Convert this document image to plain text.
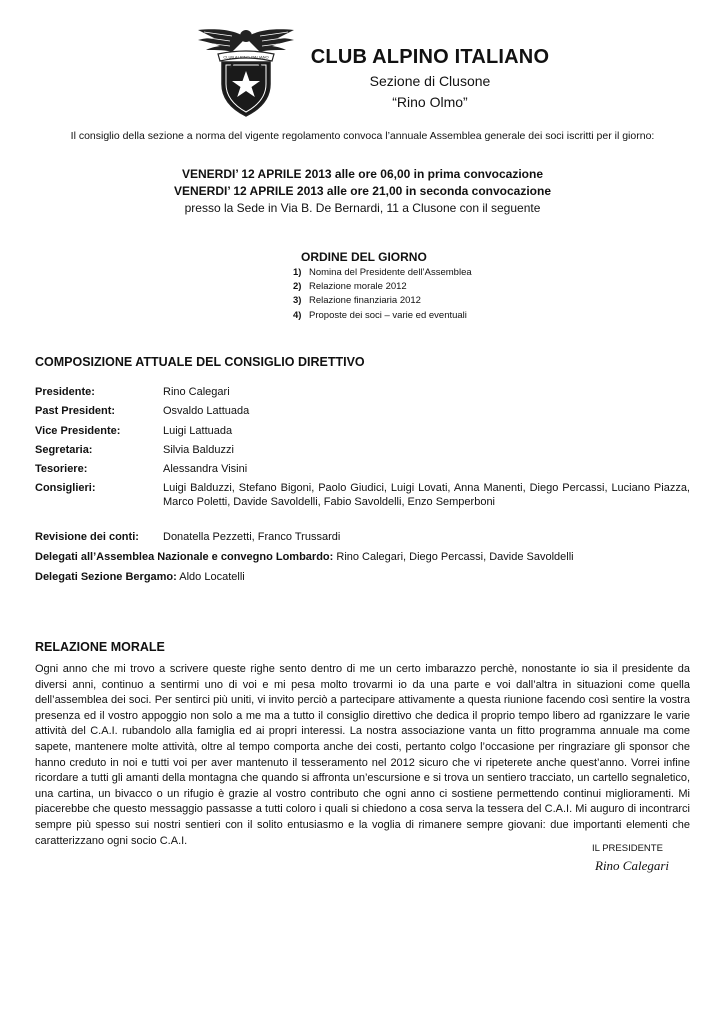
CLUB ALPINO ITALIANO	CLUB ALPINO ITALIANO
Sezione di Clusone
“Rino Olmo”
Il consiglio della sezione a norma del vigente regolamento convoca l’annuale Assemblea generale dei soci iscritti per il giorno:
VENERDI’ 12 APRILE 2013 alle ore 06,00 in prima convocazione
VENERDI’ 12 APRILE 2013 alle ore 21,00 in seconda convocazione
presso la Sede in Via B. De Bernardi, 11 a Clusone con il seguente
ORDINE DEL GIORNO
1) Nomina del Presidente dell’Assemblea
2) Relazione morale 2012
3) Relazione finanziaria 2012
4) Proposte dei soci – varie ed eventuali
COMPOSIZIONE ATTUALE DEL CONSIGLIO DIRETTIVO
Presidente:	Rino Calegari
Past President:	Osvaldo Lattuada
Vice Presidente:	Luigi Lattuada
Segretaria:	Silvia Balduzzi
Tesoriere:	Alessandra Visini
Consiglieri:	Luigi Balduzzi, Stefano Bigoni, Paolo Giudici, Luigi Lovati, Anna Manenti, Diego Percassi, Luciano Piazza, Marco Poletti, Davide Savoldelli, Fabio Savoldelli, Enzo Semperboni
Revisione dei conti: Donatella Pezzetti, Franco Trussardi
Delegati all’Assemblea Nazionale e convegno Lombardo: Rino Calegari, Diego Percassi, Davide Savoldelli
Delegati Sezione Bergamo: Aldo Locatelli
RELAZIONE MORALE
Ogni anno che mi trovo a scrivere queste righe sento dentro di me un certo imbarazzo perchè, nonostante io sia il presidente da diversi anni, continuo a sentirmi uno di voi e mi pesa molto trovarmi io da una parte e voi dall’altra in situazioni come quella dell’assemblea dei soci. Per sentirci più uniti, vi invito perciò a partecipare attivamente a questa riunione facendo così sentire la vostra presenza ed il vostro appoggio non solo a me ma a tutto il consiglio direttivo che dedica il proprio tempo libero ad rganizzare le varie attività del C.A.I. rubandolo alla famiglia ed ai propri interessi. La nostra associazione vanta un fitto programma annuale ma come sapete, mantenere molte attività, oltre al tempo comporta anche dei costi, pertanto colgo l’occasione per ringraziare gli sponsor che hanno creduto in noi e tutti voi per aver mantenuto il tesseramento nel 2012 sicuro che vi ripeterete anche quest’anno. Vorrei infine ricordare a tutti gli amanti della montagna che quando si affronta un’escursione e si trova un sentiero tracciato, un cartello segnaletico, una cartina, un bivacco o un rifugio è grazie al vostro contributo che ogni anno ci sostiene permettendo continui miglioramenti. Mi piacerebbe che questo messaggio passasse a tutti coloro i quali si chiedono a cosa serva la tessera del C.A.I. Mi auguro di incontrarci sempre più spesso sui nostri sentieri con il solito entusiasmo e la voglia di rimanere sempre giovani: due importanti elementi che caratterizzano ogni socio C.A.I.
IL PRESIDENTE
Rino Calegari
